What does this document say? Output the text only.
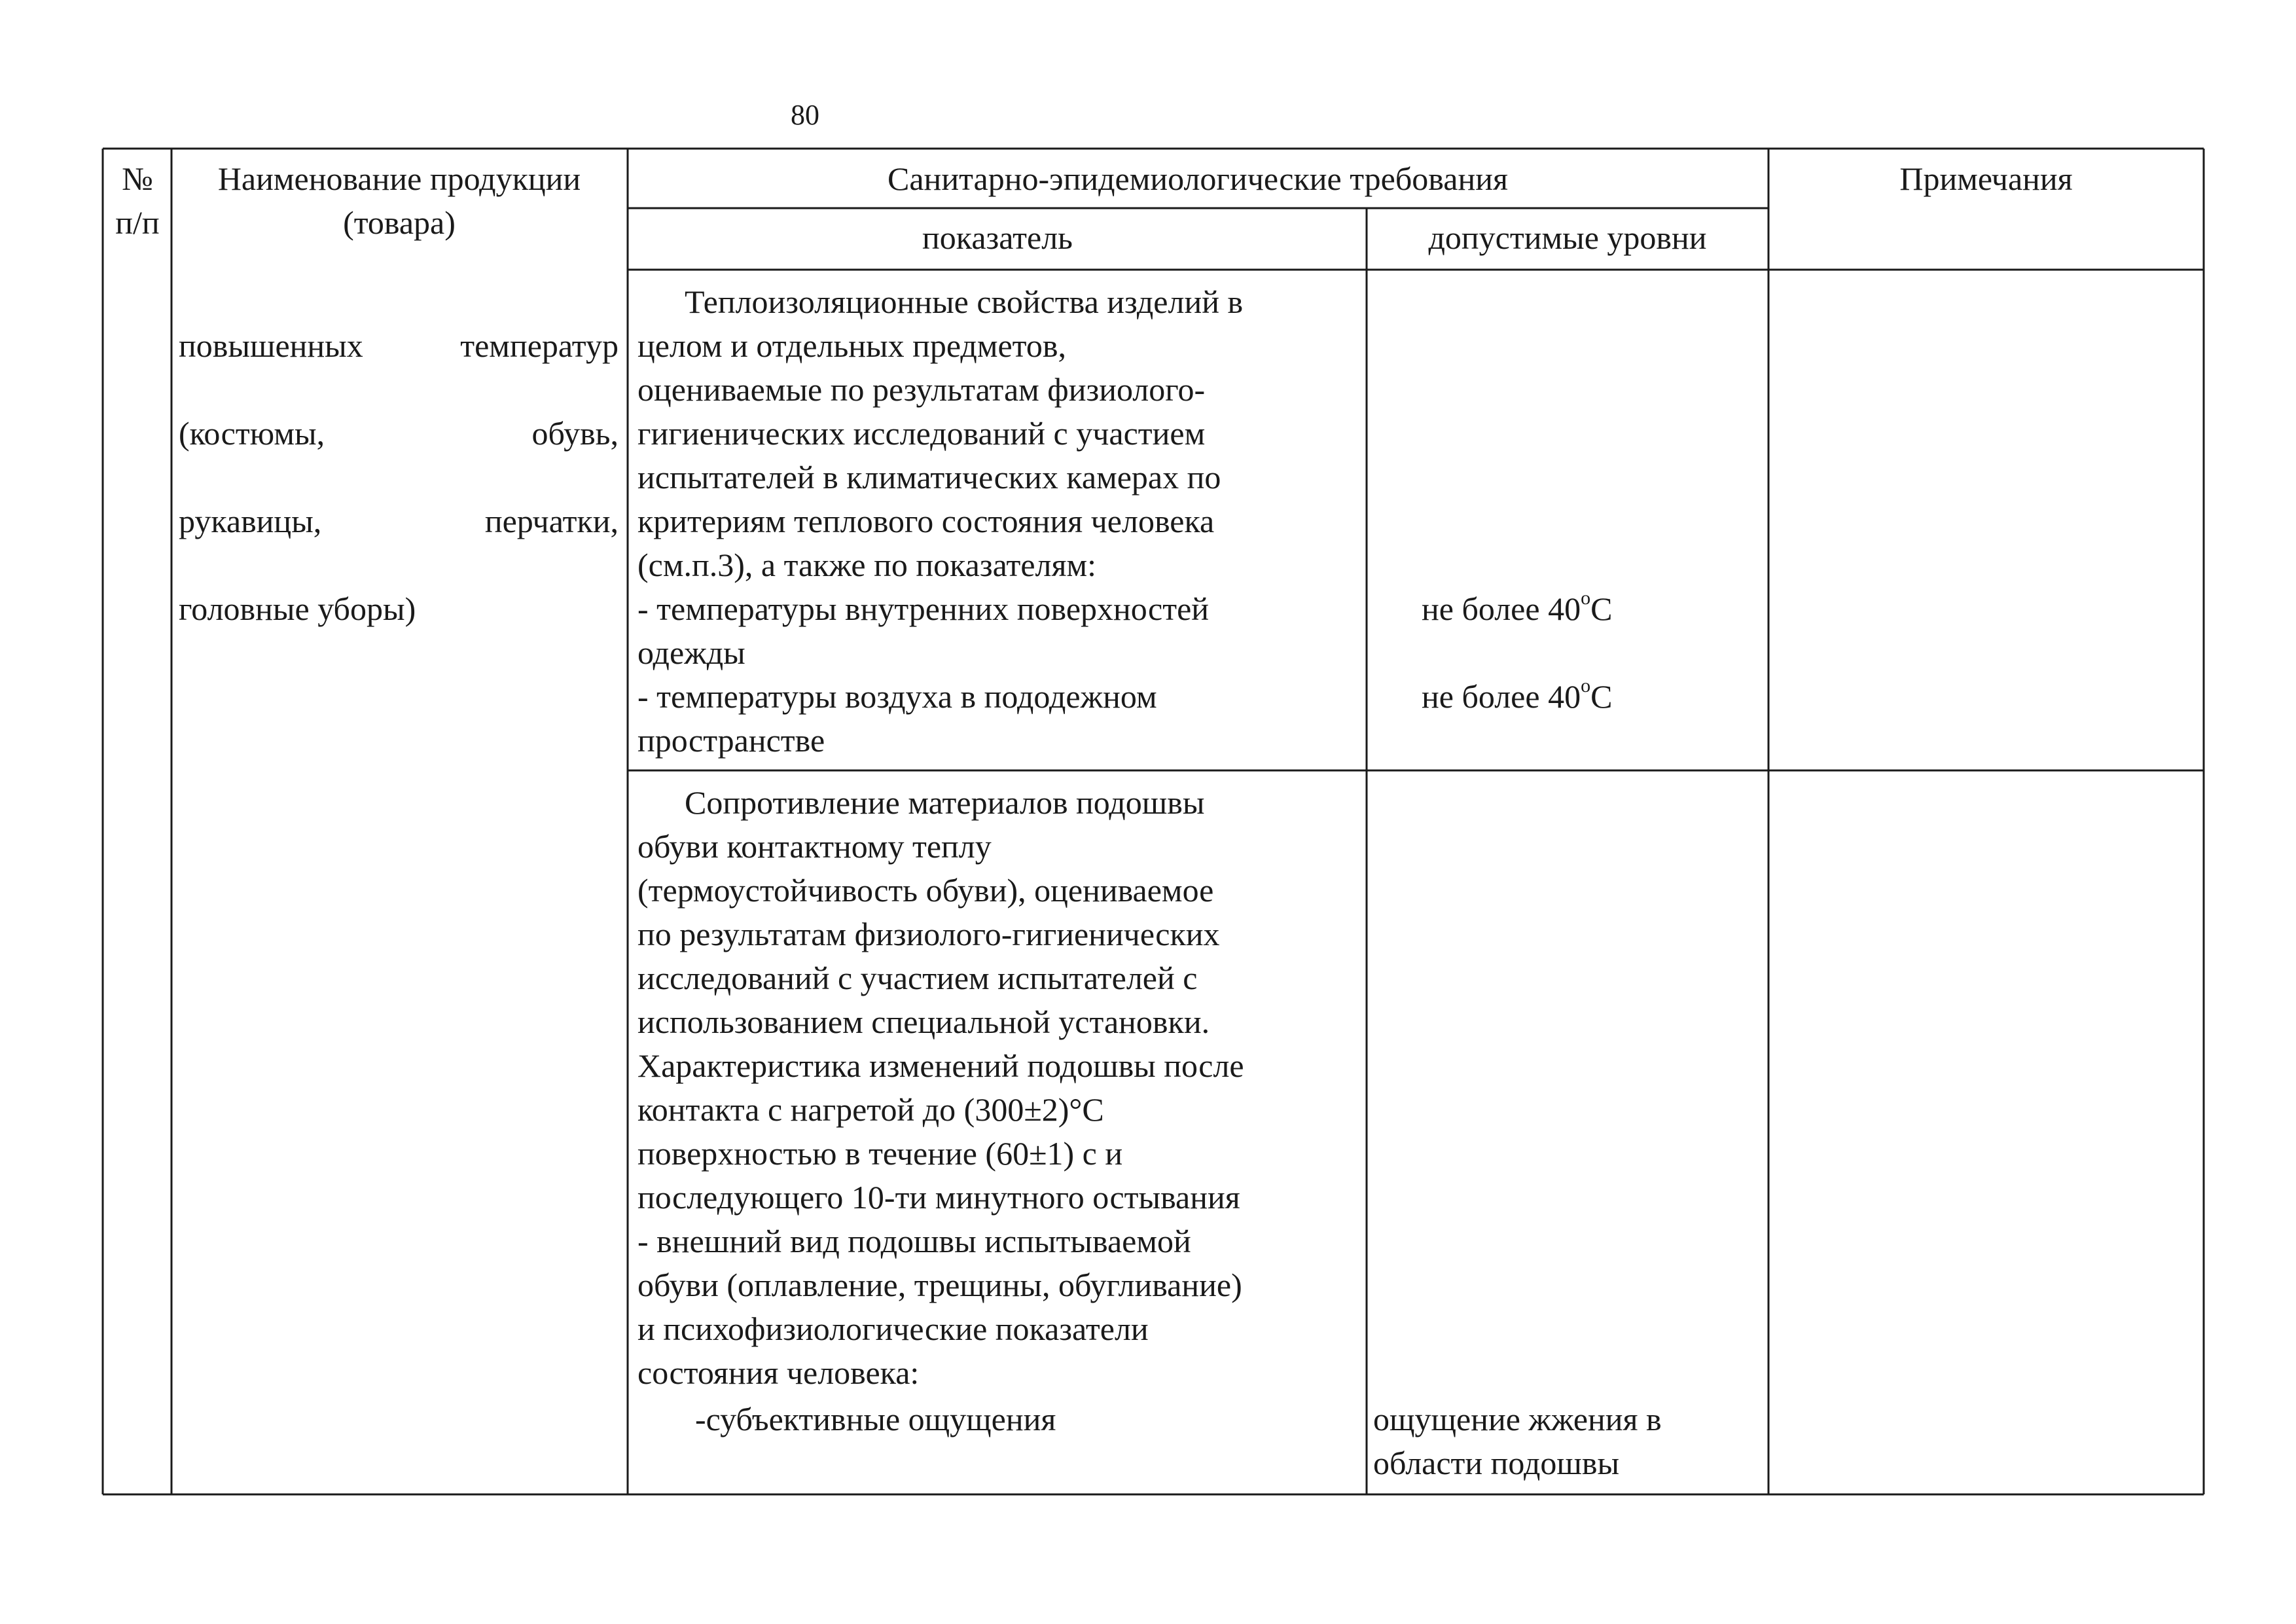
80
№
п/п
Наименование продукции
(товара)
Санитарно-эпидемиологические требования
показатель	допустимые уровни
Примечания

повышенных температур

(костюмы, обувь,

рукавицы, перчатки,

головные уборы)

Теплоизоляционные свойства изделий в
целом и отдельных предметов,
оцениваемые по результатам физиолого-
гигиенических исследований с участием
испытателей в климатических камерах по
критериям теплового состояния человека
(см.п.3), а также по показателям:
- температуры внутренних поверхностей
одежды
- температуры воздуха в пододежном
пространстве
не более $40^оС$
не более $40^оС$
Сопротивление материалов подошвы
обуви контактному теплу
(термоустойчивость обуви), оцениваемое
по результатам физиолого-гигиенических
исследований с участием испытателей с
использованием специальной установки.
Характеристика изменений подошвы после
контакта с нагретой до (300±2)°С
поверхностью в течение (60±1) с и
последующего 10-ти минутного остывания
- внешний вид подошвы испытываемой
обуви (оплавление, трещины, обугливание)
и психофизиологические показатели
состояния человека:
-субъективные ощущения	ощущение жжения в
области подошвы
